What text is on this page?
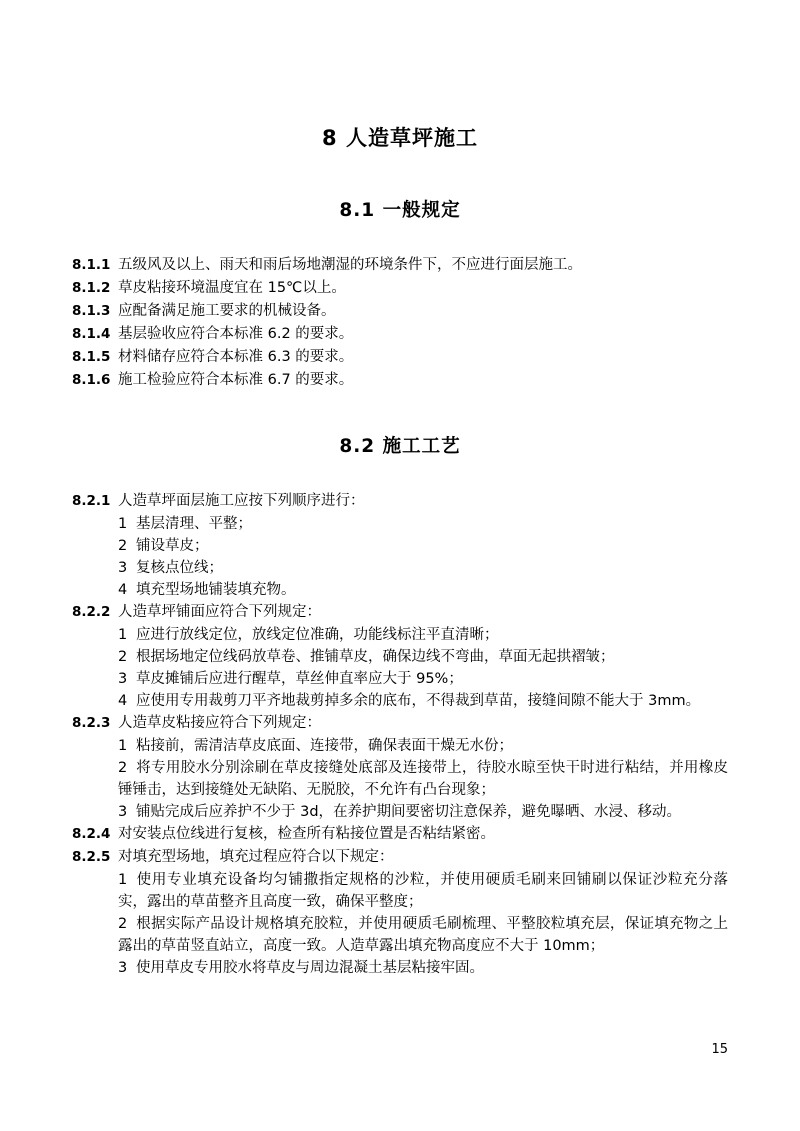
8 人造草坪施工
8.1 一般规定

8.1.1 五级风及以上、雨天和雨后场地潮湿的环境条件下，不应进行面层施工。

8.1.2 草皮粘接环境温度宜在 15℃以上。

8.1.3 应配备满足施工要求的机械设备。

8.1.4 基层验收应符合本标准 6.2 的要求。

8.1.5 材料储存应符合本标准 6.3 的要求。

8.1.6 施工检验应符合本标准 6.7 的要求。

8.2 施工工艺

8.2.1 人造草坪面层施工应按下列顺序进行：

1 基层清理、平整；

2 铺设草皮；

3 复核点位线；

4 填充型场地铺装填充物。

8.2.2 人造草坪铺面应符合下列规定：

1 应进行放线定位，放线定位准确，功能线标注平直清晰；

2 根据场地定位线码放草卷、推铺草皮，确保边线不弯曲，草面无起拱褶皱；

3 草皮摊铺后应进行醒草，草丝伸直率应大于 95%；

4 应使用专用裁剪刀平齐地裁剪掉多余的底布，不得裁到草苗，接缝间隙不能大于 3mm。

8.2.3 人造草皮粘接应符合下列规定：

1 粘接前，需清洁草皮底面、连接带，确保表面干燥无水份；

2 将专用胶水分别涂刷在草皮接缝处底部及连接带上，待胶水晾至快干时进行粘结，并用橡皮锤锤击，达到接缝处无缺陷、无脱胶，不允许有凸台现象；

3 铺贴完成后应养护不少于 3d，在养护期间要密切注意保养，避免曝晒、水浸、移动。

8.2.4 对安装点位线进行复核，检查所有粘接位置是否粘结紧密。

8.2.5 对填充型场地，填充过程应符合以下规定：

1 使用专业填充设备均匀铺撒指定规格的沙粒，并使用硬质毛刷来回铺刷以保证沙粒充分落实，露出的草苗整齐且高度一致，确保平整度；

2 根据实际产品设计规格填充胶粒，并使用硬质毛刷梳理、平整胶粒填充层，保证填充物之上露出的草苗竖直站立，高度一致。人造草露出填充物高度应不大于 10mm；

3 使用草皮专用胶水将草皮与周边混凝土基层粘接牢固。

15
